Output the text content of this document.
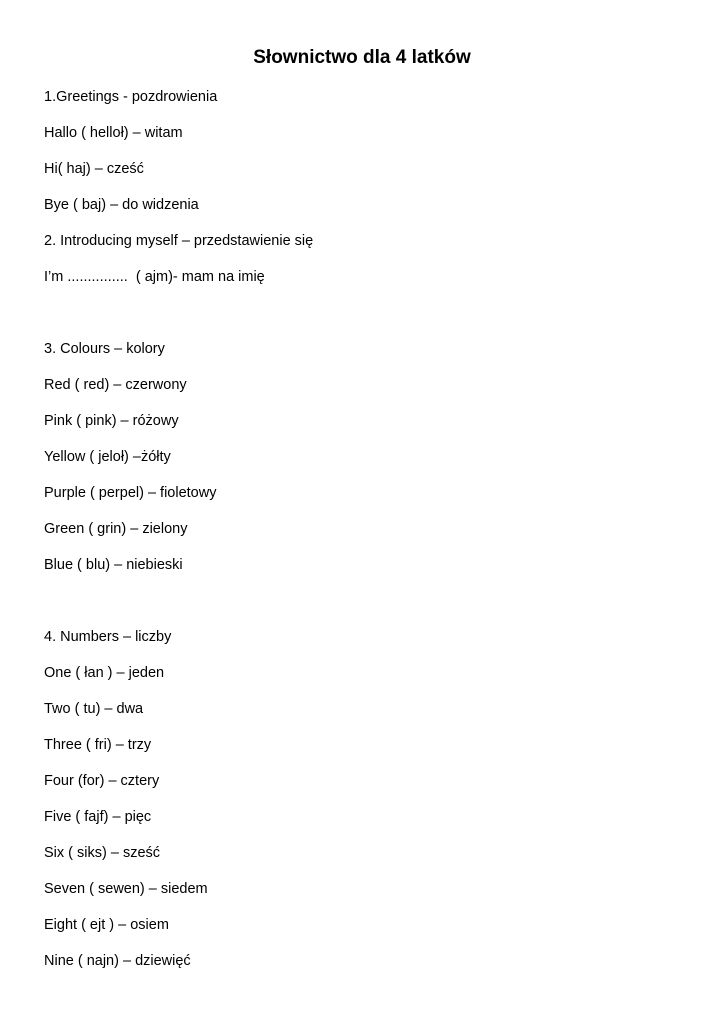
Słownictwo dla 4 latków
1.Greetings - pozdrowienia
Hallo ( helloł) – witam
Hi( haj) – cześć
Bye ( baj) – do widzenia
2. Introducing myself – przedstawienie się
I’m ...............  ( ajm)- mam na imię
3. Colours – kolory
Red ( red) – czerwony
Pink ( pink) – różowy
Yellow ( jeloł) –żółty
Purple ( perpel) – fioletowy
Green ( grin) – zielony
Blue ( blu) – niebieski
4. Numbers – liczby
One ( łan ) – jeden
Two ( tu) – dwa
Three ( fri) – trzy
Four (for) – cztery
Five ( fajf) – pięc
Six ( siks) – sześć
Seven ( sewen) – siedem
Eight ( ejt ) – osiem
Nine ( najn) – dziewięć
